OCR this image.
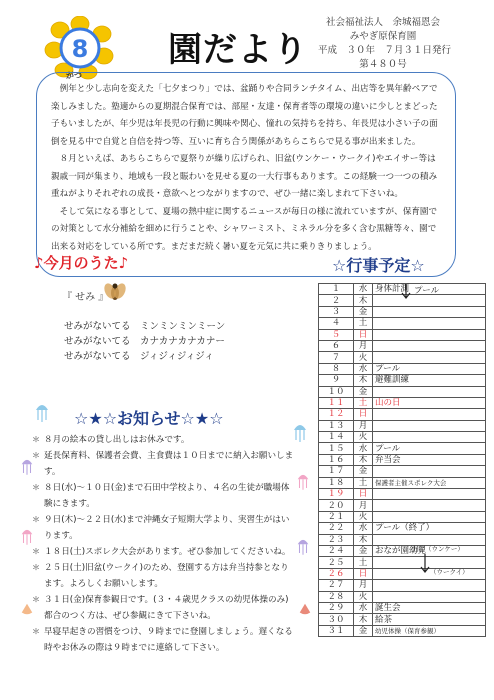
8
がつ
園だより
社会福祉法人　余城福恩会
みやぎ原保育園
平成　３０年　７月３１日発行
第４８０号

例年と少し志向を変えた「七夕まつり」では、盆踊りや合同ランチタイム、出店等を異年齢ペアで楽しみました。塾適からの夏期混合保育では、部屋・友達・保育者等の環境の違いに少しとまどった子もいましたが、年少児は年長児の行動に興味や関心、憧れの気持ちを持ち、年長児は小さい子の面倒を見る中で自覚と自信を持つ等、互いに育ち合う関係があちらこちらで見る事が出来ました。

８月といえば、あちらこちらで夏祭りが繰り広げられ、旧盆(ウンケー・ウークイ)やエイサー等は親戚一同が集まり、地域も一段と賑わいを見せる夏の一大行事もあります。この経験一つ一つの積み重ねがよりそれぞれの成長・意欲へとつながりますので、ぜひ一緒に楽しまれて下さいね。

そして気になる事として、夏場の熱中症に関するニュースが毎日の様に流れていますが、保育園での対策として水分補給を細めに行うことや、シャワーミスト、ミネラル分を多く含む黒糖等々、園で出来る対応をしている所です。まだまだ続く暑い夏を元気に共に乗りきりましょう。

♪今月のうた♪
『 せみ 』
せみがないてる　ミンミンミンミーン
せみがないてる　カナカナカナカナー
せみがないてる　ジィジィジィジィ
☆★☆お知らせ☆★☆
＊ ８月の絵本の貸し出しはお休みです。
＊ 延長保育料、保護者会費、主食費は１０日までに納入お願いします。
＊ ８日(水)～１０日(金)まで石田中学校より、４名の生徒が職場体験にきます。
＊ ９日(木)～２２日(水)まで沖縄女子短期大学より、実習生がはいります。
＊ １８日(土)スポレク大会があります。ぜひ参加してくださいね。
＊ ２５日(土)旧盆(ウークイ)のため、登園する方は弁当持参となります。よろしくお願いします。
＊ ３１日(金)保育参観日です。(３・４歳児クラスの幼児体操のみ)都合のつく方は、ぜひ参観にきて下さいね。
＊ 早寝早起きの習慣をつけ、９時までに登園しましょう。遅くなる時やお休みの際は９時までに連絡して下さい。
☆行事予定☆
１	水	身体計測
２	木	
３	金	
４	土	
５	日	
６	月	
７	火	
８	水	プール
９	木	避難訓練
１０	金	
１１	土	山の日
１２	日	
１３	月	
１４	火	
１５	水	プール
１６	木	弁当会
１７	金	
１８	土	保護者主催スポレク大会
１９	日	
２０	月	
２１	火	
２２	水	プール（終了）
２３	木	
２４	金	おなが園幼児
２５	土	
２６	日	
２７	月	
２８	火	
２９	水	誕生会
３０	木	給茶
３１	金	幼児体操（保育参観）
プール
旧盆（ウンケー）
（ウークイ）
